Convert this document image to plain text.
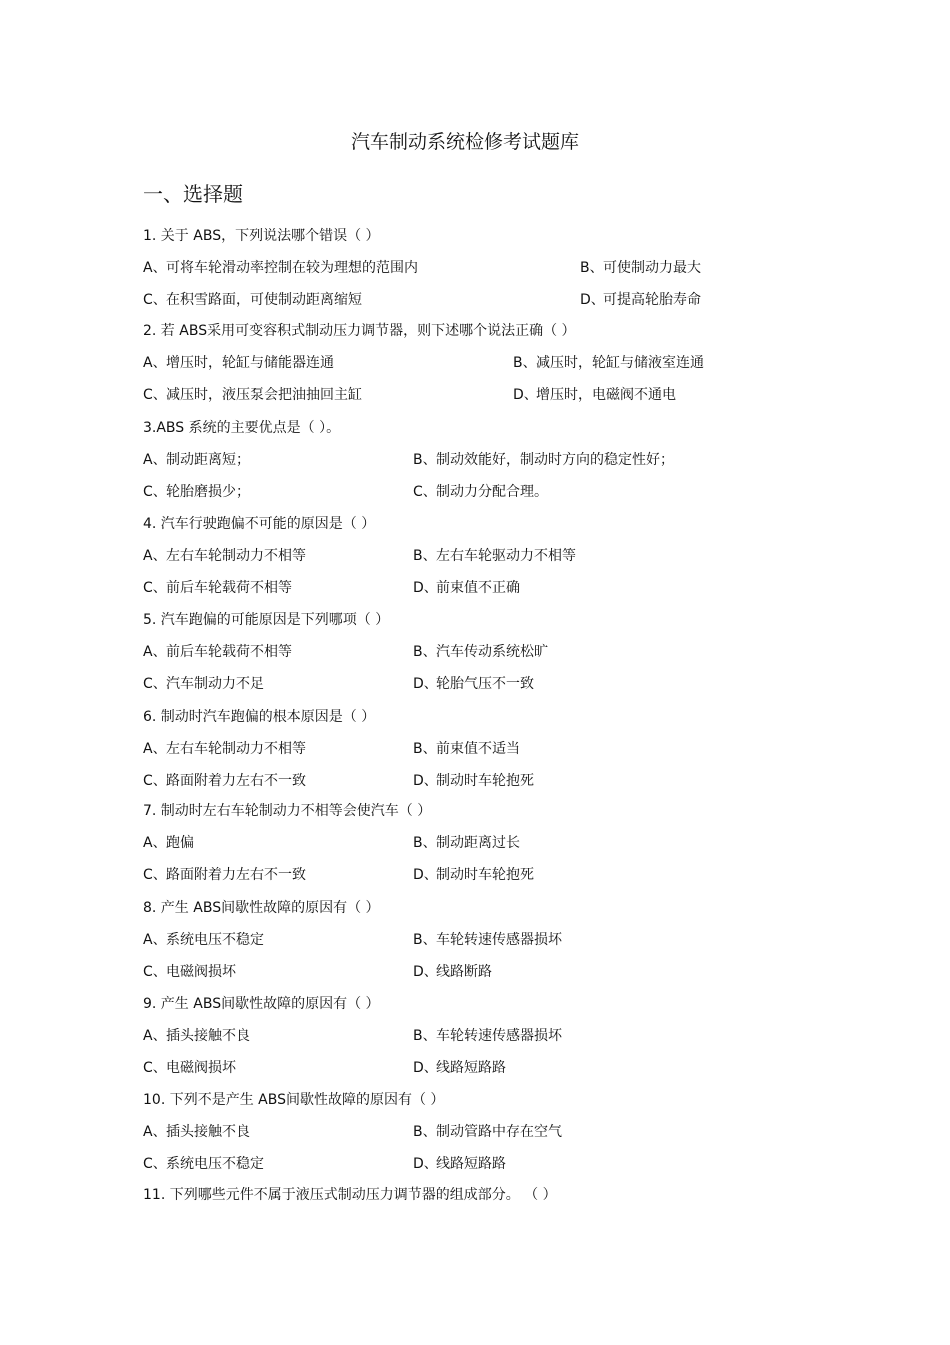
汽车制动系统检修考试题库
一、选择题
1. 关于 ABS，下列说法哪个错误（ ）
A、可将车轮滑动率控制在较为理想的范围内	B、可使制动力最大
C、在积雪路面，可使制动距离缩短	D、可提高轮胎寿命
2. 若 ABS采用可变容积式制动压力调节器，则下述哪个说法正确（ ）
A、增压时，轮缸与储能器连通	B、减压时，轮缸与储液室连通
C、减压时，液压泵会把油抽回主缸	D、增压时，电磁阀不通电
3.ABS 系统的主要优点是（ ）。
A、制动距离短；	B、制动效能好，制动时方向的稳定性好；
C、轮胎磨损少；	C、制动力分配合理。
4. 汽车行驶跑偏不可能的原因是（ ）
A、左右车轮制动力不相等	B、左右车轮驱动力不相等
C、前后车轮载荷不相等	D、前束值不正确
5. 汽车跑偏的可能原因是下列哪项（ ）
A、前后车轮载荷不相等	B、汽车传动系统松旷
C、汽车制动力不足	D、轮胎气压不一致
6. 制动时汽车跑偏的根本原因是（ ）
A、左右车轮制动力不相等	B、前束值不适当
C、路面附着力左右不一致	D、制动时车轮抱死
7. 制动时左右车轮制动力不相等会使汽车（ ）
A、跑偏	B、制动距离过长
C、路面附着力左右不一致	D、制动时车轮抱死
8. 产生 ABS间歇性故障的原因有（ ）
A、系统电压不稳定	B、车轮转速传感器损坏
C、电磁阀损坏	D、线路断路
9. 产生 ABS间歇性故障的原因有（ ）
A、插头接触不良	B、车轮转速传感器损坏
C、电磁阀损坏	D、线路短路路
10. 下列不是产生 ABS间歇性故障的原因有（ ）
A、插头接触不良	B、制动管路中存在空气
C、系统电压不稳定	D、线路短路路
11. 下列哪些元件不属于液压式制动压力调节器的组成部分。 （ ）
